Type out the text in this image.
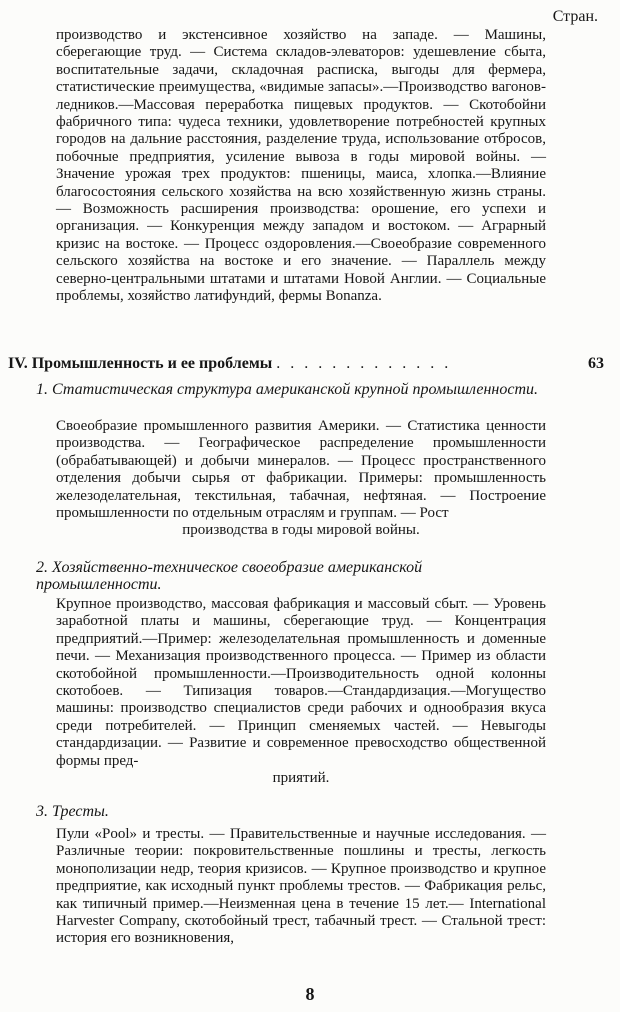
Стран.

производство и экстенсивное хозяйство на западе. — Машины, сберегающие труд. — Система складов-элеваторов: удешевление сбыта, воспитательные задачи, складочная расписка, выгоды для фермера, статистические преимущества, «видимые запасы».—Производство вагонов-ледников.—Массовая переработка пищевых продуктов. — Скотобойни фабричного типа: чудеса техники, удовлетворение потребностей крупных городов на дальние расстояния, разделение труда, использование отбросов, побочные предприятия, усиление вывоза в годы мировой войны. — Значение урожая трех продуктов: пшеницы, маиса, хлопка.—Влияние благосостояния сельского хозяйства на всю хозяйственную жизнь страны. — Возможность расширения производства: орошение, его успехи и организация. — Конкуренция между западом и востоком. — Аграрный кризис на востоке. — Процесс оздоровления.—Своеобразие современного сельского хозяйства на востоке и его значение. — Параллель между северно-центральными штатами и штатами Новой Англии. — Социальные проблемы, хозяйство латифундий, фермы Bonanza.

IV. Промышленность и ее проблемы . . . . . . . . . . . . .	63
1. Статистическая структура американской крупной промышленности.

Своеобразие промышленного развития Америки. — Статистика ценности производства. — Географическое распределение промышленности (обрабатывающей) и добычи минералов. — Процесс пространственного отделения добычи сырья от фабрикации. Примеры: промышленность железоделательная, текстильная, табачная, нефтяная. — Построение промышленности по отдельным отраслям и группам. — Рост

производства в годы мировой войны.

2. Хозяйственно-техническое своеобразие американской промышленности.

Крупное производство, массовая фабрикация и массовый сбыт. — Уровень заработной платы и машины, сберегающие труд. — Концентрация предприятий.—Пример: железоделательная промышленность и доменные печи. — Механизация производственного процесса. — Пример из области скотобойной промышленности.—Производительность одной колонны скотобоев. — Типизация товаров.—Стандардизация.—Могущество машины: производство специалистов среди рабочих и однообразия вкуса среди потребителей. — Принцип сменяемых частей. — Невыгоды стандардизации. — Развитие и современное превосходство общественной формы пред-

приятий.

3. Тресты.

Пули «Pool» и тресты. — Правительственные и научные исследования. — Различные теории: покровительственные пошлины и тресты, легкость монополизации недр, теория кризисов. — Крупное производство и крупное предприятие, как исходный пункт проблемы трестов. — Фабрикация рельс, как типичный пример.—Неизменная цена в течение 15 лет.— International Harvester Company, скотобойный трест, табачный трест. — Стальной трест: история его возникновения,

8
